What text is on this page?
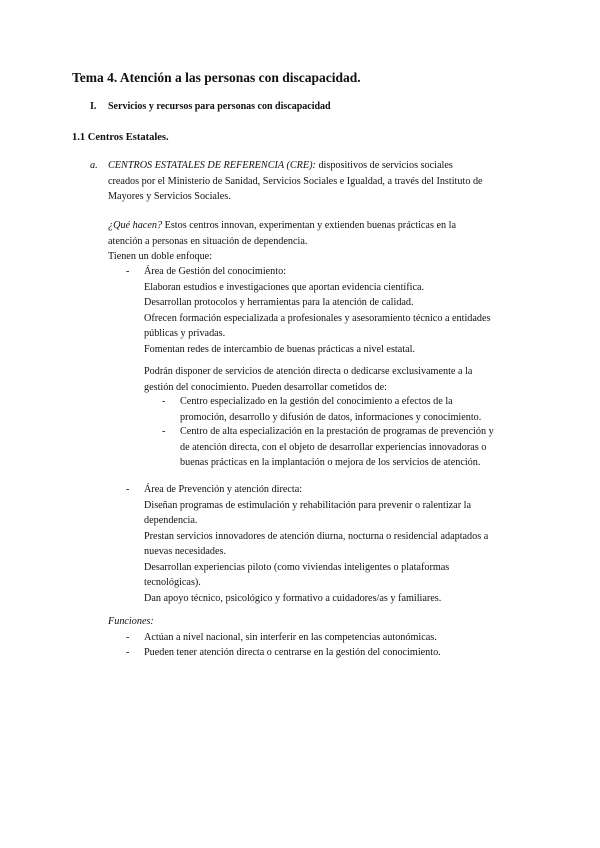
Tema 4. Atención a las personas con discapacidad.
I. Servicios y recursos para personas con discapacidad
1.1 Centros Estatales.
a. CENTROS ESTATALES DE REFERENCIA (CRE): dispositivos de servicios sociales
creados por el Ministerio de Sanidad, Servicios Sociales e Igualdad, a través del Instituto de
Mayores y Servicios Sociales.
¿Qué hacen? Estos centros innovan, experimentan y extienden buenas prácticas en la
atención a personas en situación de dependencia.
Tienen un doble enfoque:
- Área de Gestión del conocimiento:
Elaboran estudios e investigaciones que aportan evidencia científica.
Desarrollan protocolos y herramientas para la atención de calidad.
Ofrecen formación especializada a profesionales y asesoramiento técnico a entidades
públicas y privadas.
Fomentan redes de intercambio de buenas prácticas a nivel estatal.
Podrán disponer de servicios de atención directa o dedicarse exclusivamente a la
gestión del conocimiento. Pueden desarrollar cometidos de:
- Centro especializado en la gestión del conocimiento a efectos de la
promoción, desarrollo y difusión de datos, informaciones y conocimiento.
- Centro de alta especialización en la prestación de programas de prevención y
de atención directa, con el objeto de desarrollar experiencias innovadoras o
buenas prácticas en la implantación o mejora de los servicios de atención.
- Área de Prevención y atención directa:
Diseñan programas de estimulación y rehabilitación para prevenir o ralentizar la
dependencia.
Prestan servicios innovadores de atención diurna, nocturna o residencial adaptados a
nuevas necesidades.
Desarrollan experiencias piloto (como viviendas inteligentes o plataformas
tecnológicas).
Dan apoyo técnico, psicológico y formativo a cuidadores/as y familiares.
Funciones:
- Actúan a nivel nacional, sin interferir en las competencias autonómicas.
- Pueden tener atención directa o centrarse en la gestión del conocimiento.
